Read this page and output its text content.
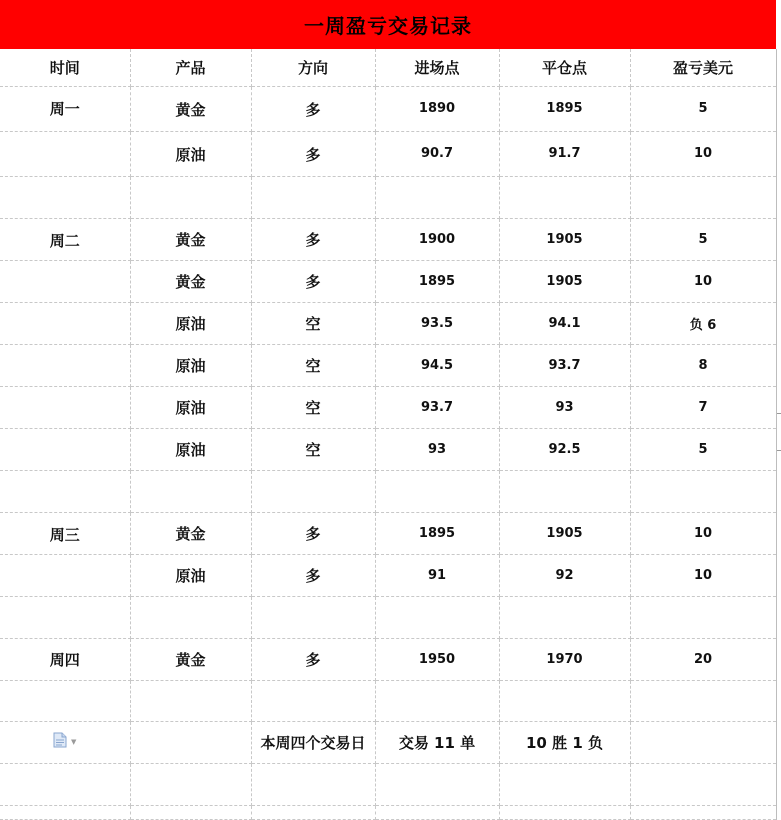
一周盈亏交易记录
时间	产品	方向	进场点	平仓点	盈亏美元
周一	黄金	多	1890	1895	5
	原油	多	90.7	91.7	10

周二	黄金	多	1900	1905	5
	黄金	多	1895	1905	10
	原油	空	93.5	94.1	负 6
	原油	空	94.5	93.7	8
	原油	空	93.7	93	7
	原油	空	93	92.5	5

周三	黄金	多	1895	1905	10
	原油	多	91	92	10

周四	黄金	多	1950	1970	20

▼		本周四个交易日	交易 11 单	10 胜 1 负	
